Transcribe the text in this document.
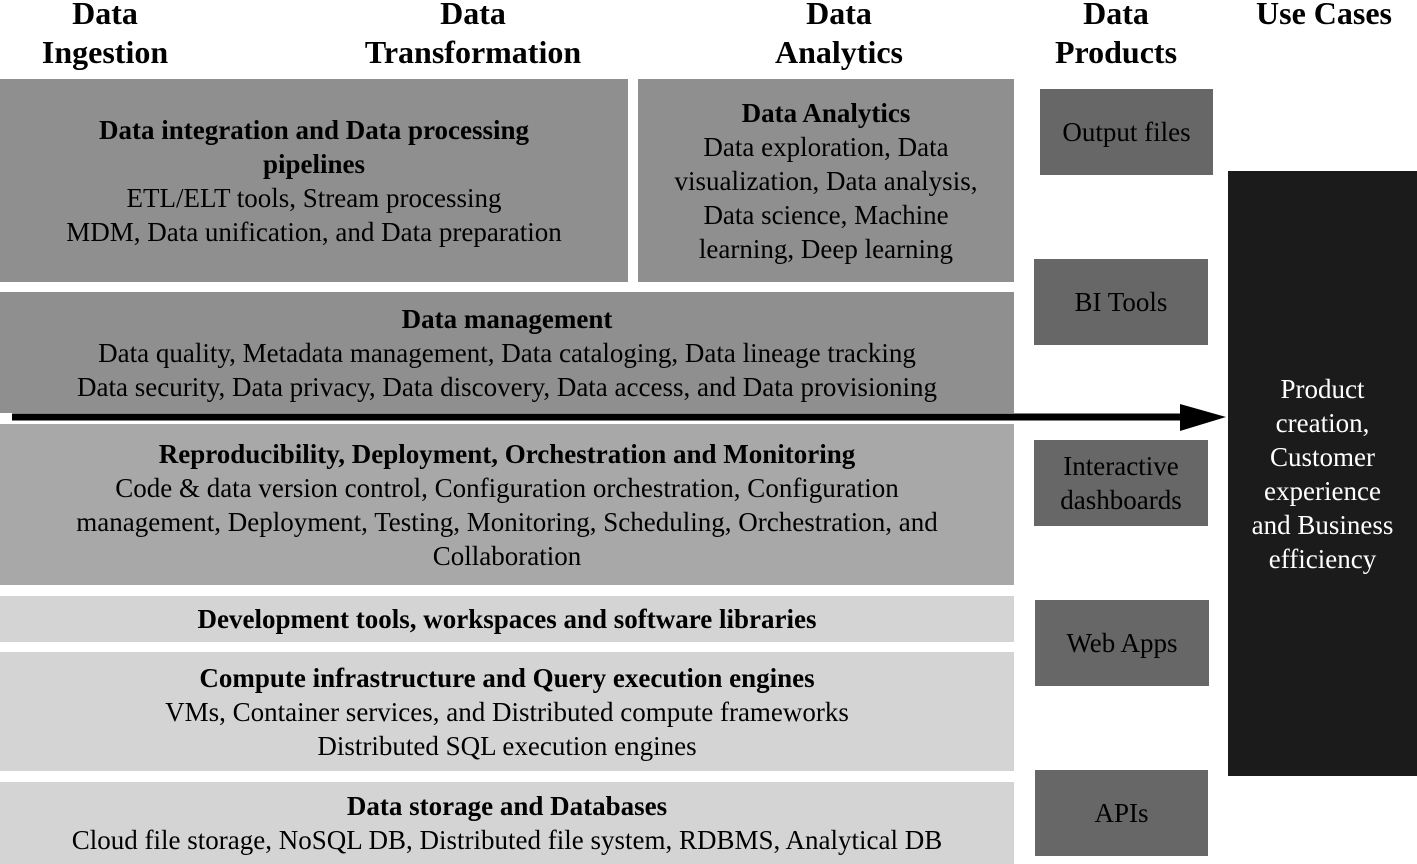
Data
Ingestion
Data
Transformation
Data
Analytics
Data
Products
Use Cases
Data integration and Data processing
pipelines
ETL/ELT tools, Stream processing
MDM, Data unification, and Data preparation
Data Analytics
Data exploration, Data
visualization, Data analysis,
Data science, Machine
learning, Deep learning
Data management
Data quality, Metadata management, Data cataloging, Data lineage tracking
Data security, Data privacy, Data discovery, Data access, and Data provisioning
Reproducibility, Deployment, Orchestration and Monitoring
Code & data version control, Configuration orchestration, Configuration
management, Deployment, Testing, Monitoring, Scheduling, Orchestration, and
Collaboration
Development tools, workspaces and software libraries
Compute infrastructure and Query execution engines
VMs, Container services, and Distributed compute frameworks
Distributed SQL execution engines
Data storage and Databases
Cloud file storage, NoSQL DB, Distributed file system, RDBMS, Analytical DB
Output files
BI Tools
Interactive
dashboards
Web Apps
APIs
Product
creation,
Customer
experience
and Business
efficiency
